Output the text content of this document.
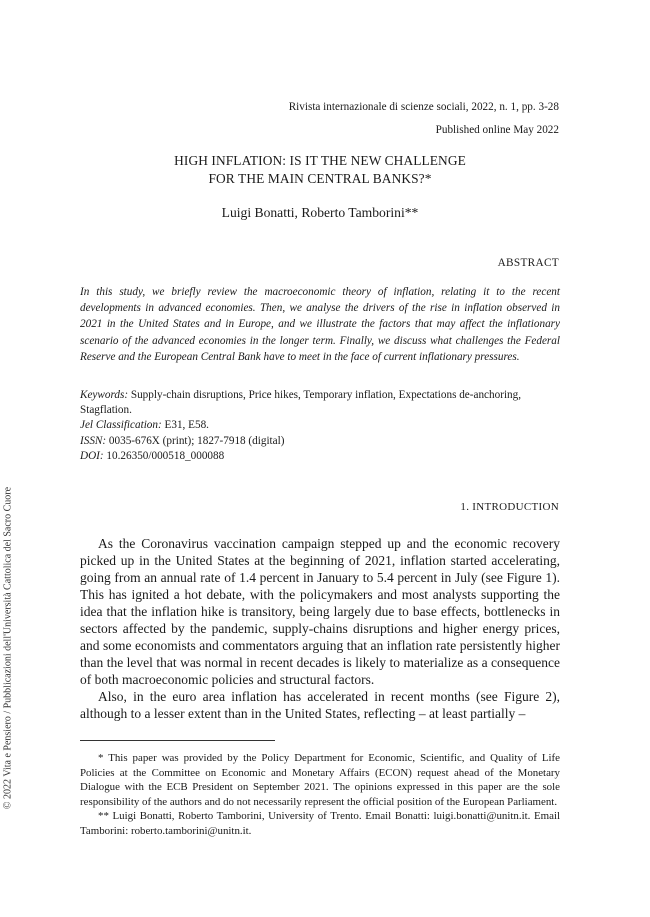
Rivista internazionale di scienze sociali, 2022, n. 1, pp. 3-28
Published online May 2022
HIGH INFLATION: IS IT THE NEW CHALLENGE
FOR THE MAIN CENTRAL BANKS?*
Luigi Bonatti, Roberto Tamborini**
ABSTRACT

In this study, we briefly review the macroeconomic theory of inflation, relating it to the recent developments in advanced economies. Then, we analyse the drivers of the rise in inflation observed in 2021 in the United States and in Europe, and we illustrate the factors that may affect the inflationary scenario of the advanced economies in the longer term. Finally, we discuss what challenges the Federal Reserve and the European Central Bank have to meet in the face of current inflationary pressures.

Keywords: Supply-chain disruptions, Price hikes, Temporary inflation, Expectations de-anchoring, Stagflation.
Jel Classification: E31, E58.
ISSN: 0035-676X (print); 1827-7918 (digital)
DOI: 10.26350/000518_000088
1. INTRODUCTION

As the Coronavirus vaccination campaign stepped up and the economic recovery picked up in the United States at the beginning of 2021, inflation started accelerating, going from an annual rate of 1.4 percent in January to 5.4 percent in July (see Figure 1). This has ignited a hot debate, with the policymakers and most analysts supporting the idea that the inflation hike is transitory, being largely due to base effects, bottlenecks in sectors affected by the pandemic, supply-chains disruptions and higher energy prices, and some economists and commentators arguing that an inflation rate persistently higher than the level that was normal in recent decades is likely to materialize as a consequence of both macroeconomic policies and structural factors.

Also, in the euro area inflation has accelerated in recent months (see Figure 2), although to a lesser extent than in the United States, reflecting – at least partially –

* This paper was provided by the Policy Department for Economic, Scientific, and Quality of Life Policies at the Committee on Economic and Monetary Affairs (ECON) request ahead of the Monetary Dialogue with the ECB President on September 2021. The opinions expressed in this paper are the sole responsibility of the authors and do not necessarily represent the official position of the European Parliament.

** Luigi Bonatti, Roberto Tamborini, University of Trento. Email Bonatti: luigi.bonatti@unitn.it. Email Tamborini: roberto.tamborini@unitn.it.

© 2022 Vita e Pensiero / Pubblicazioni dell'Università Cattolica del Sacro Cuore
